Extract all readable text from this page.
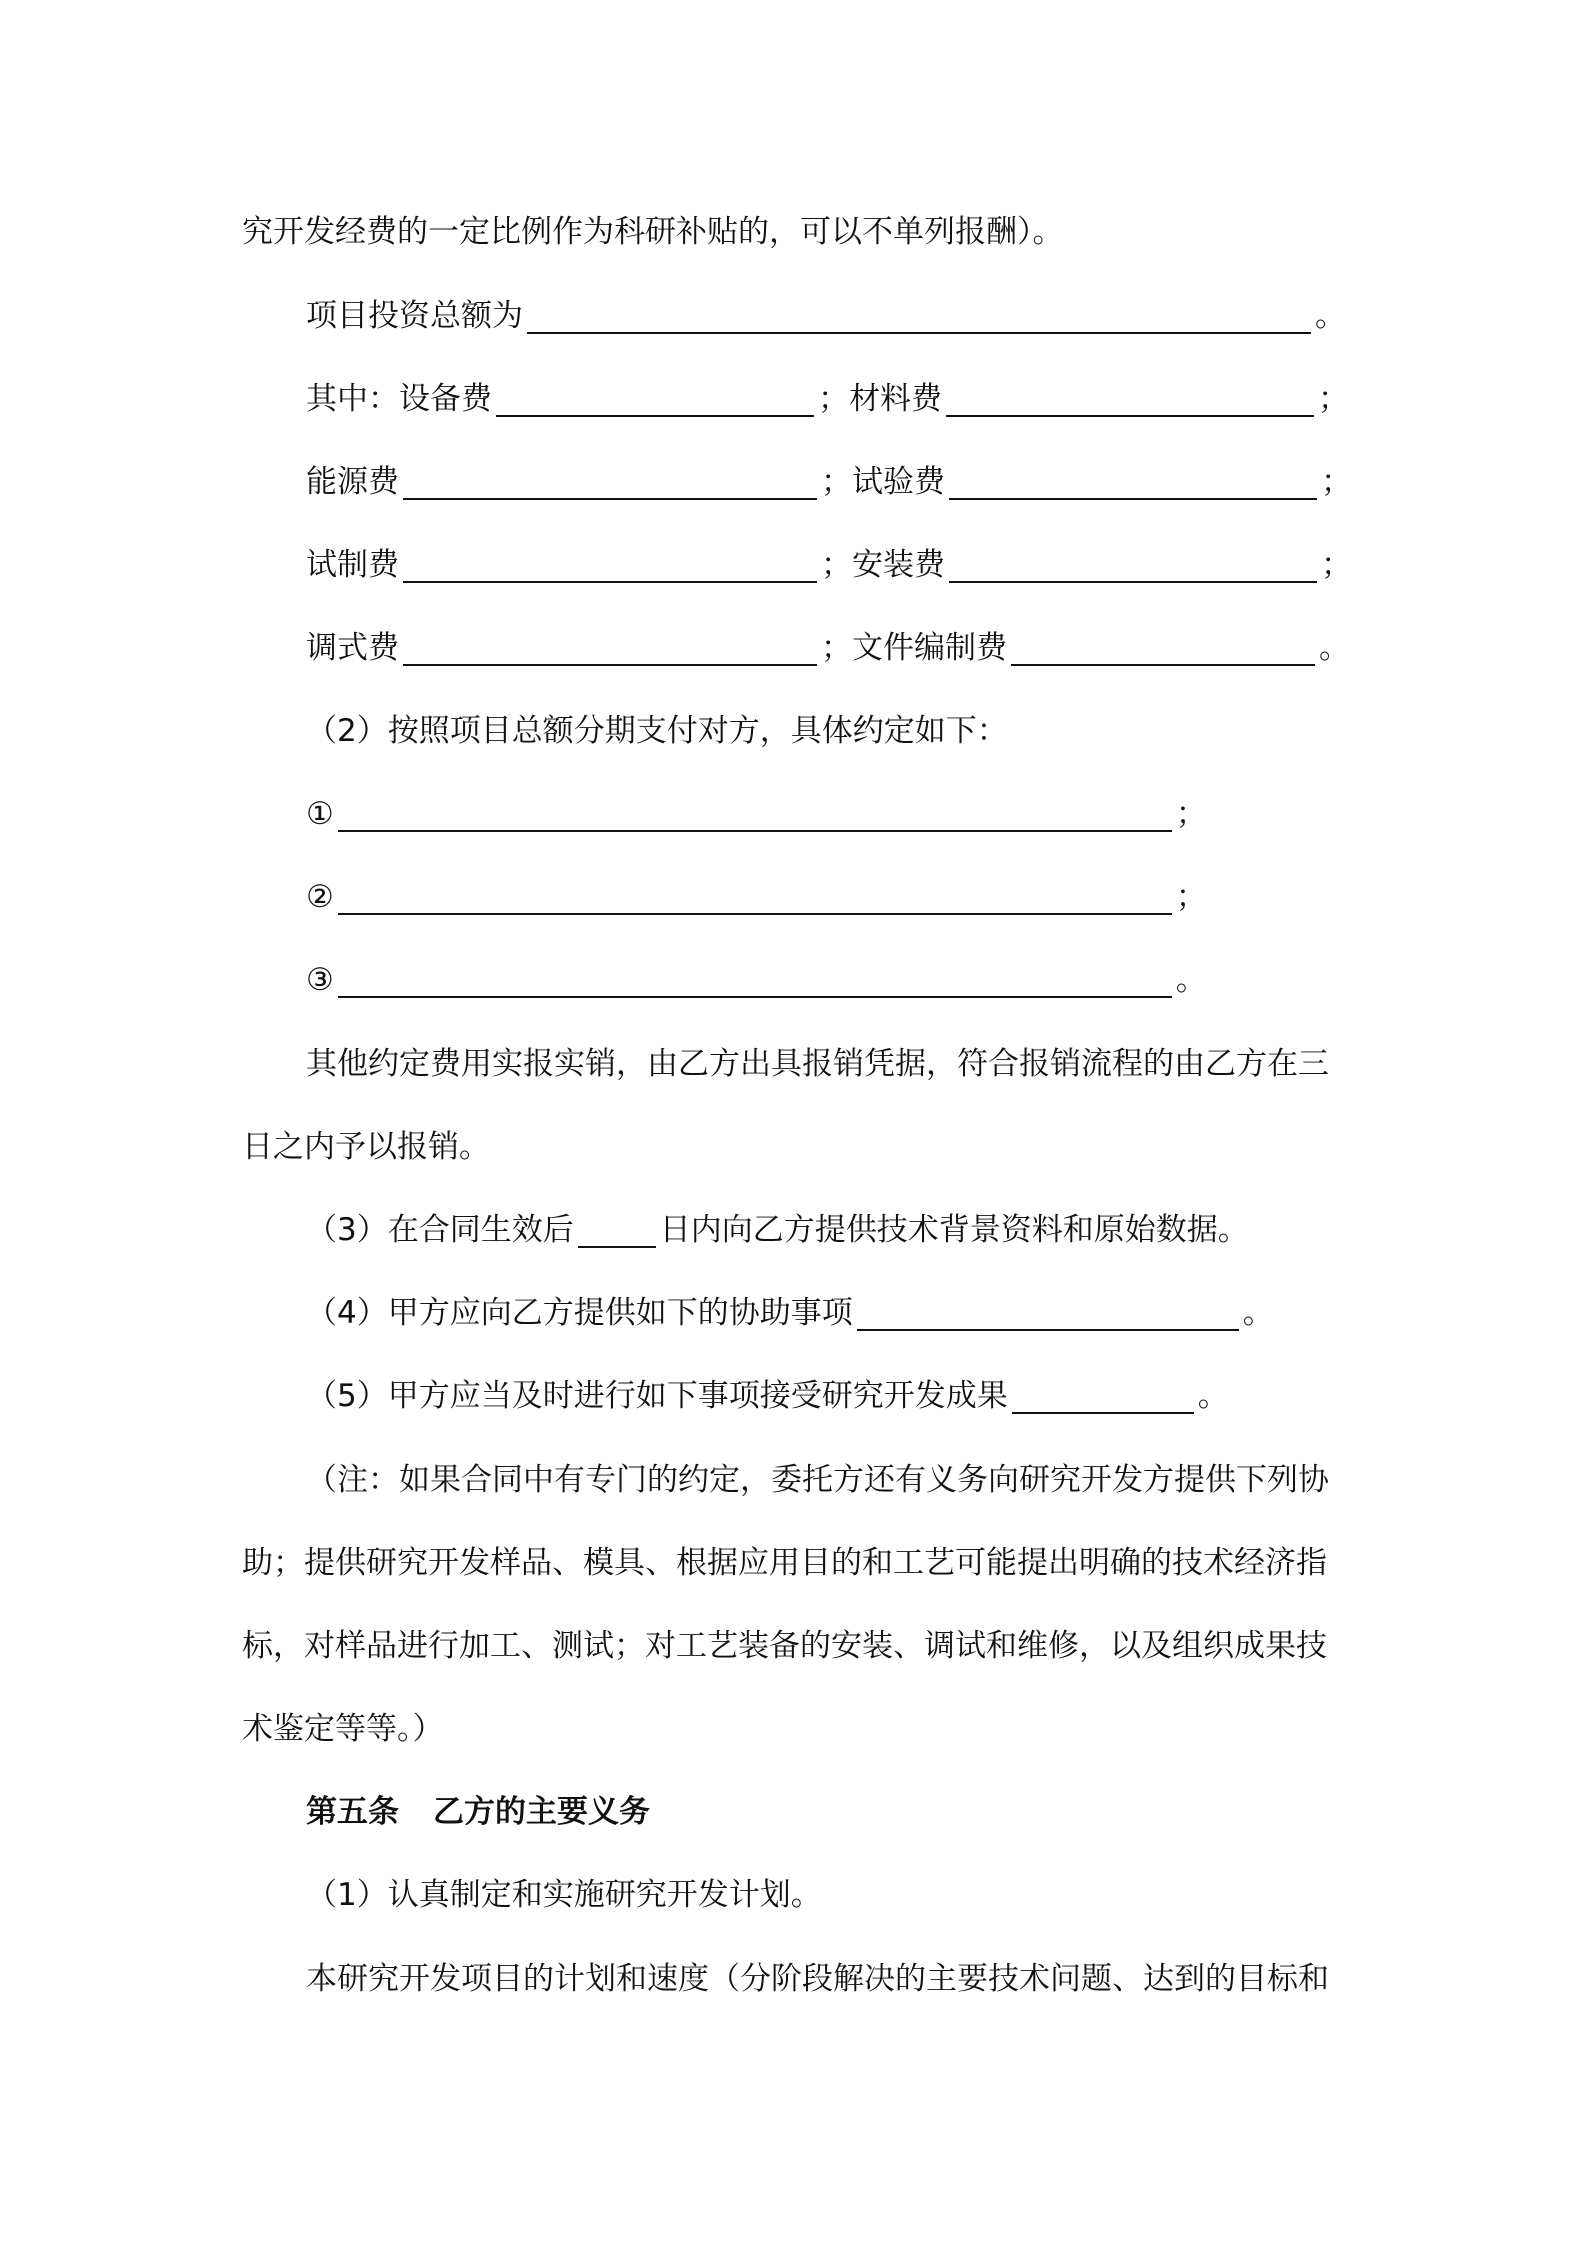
究开发经费的一定比例作为科研补贴的，可以不单列报酬）。
项目投资总额为	。
其中：设备费	；材料费	；
能源费	；试验费	；
试制费	；安装费	；
调式费	；文件编制费	。
（2）按照项目总额分期支付对方，具体约定如下：
①	；
②	；
③	。
其他约定费用实报实销，由乙方出具报销凭据，符合报销流程的由乙方在三
日之内予以报销。
（3）在合同生效后	日内向乙方提供技术背景资料和原始数据。
（4）甲方应向乙方提供如下的协助事项	。
（5）甲方应当及时进行如下事项接受研究开发成果	。
（注：如果合同中有专门的约定，委托方还有义务向研究开发方提供下列协
助；提供研究开发样品、模具、根据应用目的和工艺可能提出明确的技术经济指
标，对样品进行加工、测试；对工艺装备的安装、调试和维修，以及组织成果技
术鉴定等等。）
第五条 乙方的主要义务
（1）认真制定和实施研究开发计划。
本研究开发项目的计划和速度（分阶段解决的主要技术问题、达到的目标和
